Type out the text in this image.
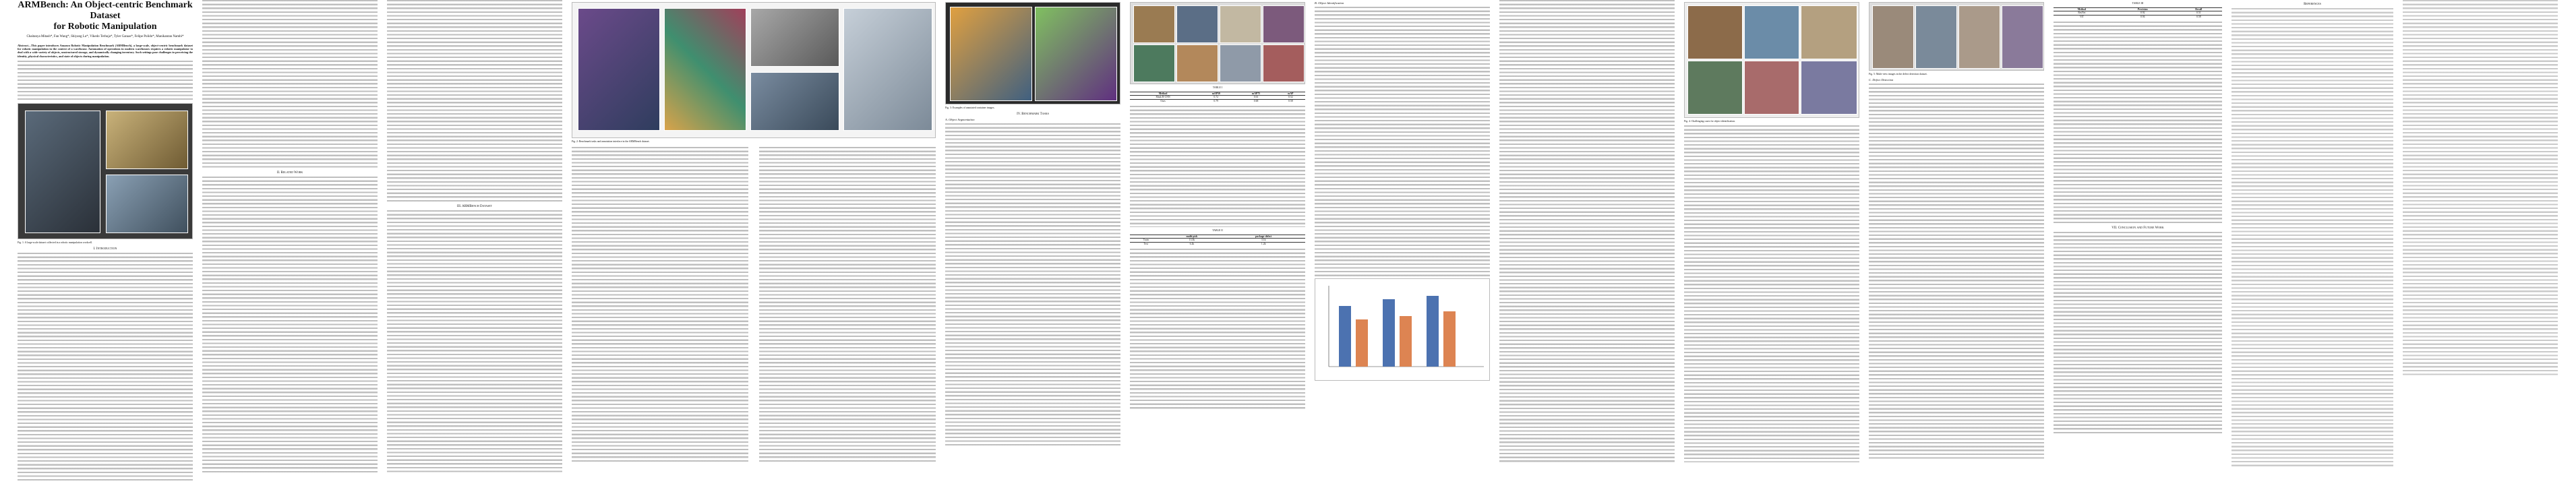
ARMBench: An Object-centric Benchmark Dataset
for Robotic Manipulation
Chaitanya Mitash*, Fan Wang*, Shiyang Lu*, Vikedo Terhuja*, Tyler Garaas*, Felipe Polido*, Manikantan Nambi*
Abstract—This paper introduces Amazon Robotic Manipulation Benchmark (ARMBench), a large-scale, object-centric benchmark dataset for robotic manipulation in the context of a warehouse. Automation of operations in modern warehouses requires a robotic manipulator to deal with a wide variety of objects, unstructured storage, and dynamically changing inventory. Such settings pose challenges in perceiving the identity, physical characteristics, and state of objects during manipulation.
Fig. 1: A large-scale dataset collected in a robotic manipulation workcell.
I. Introduction
II. Related Work
III. ARMBench Dataset
Fig. 2: Benchmark tasks and annotation interface in the ARMBench dataset.
Fig. 3: Examples of annotated container images.
IV. Benchmark Tasks
A. Object Segmentation
TABLE I
Method	mAP50	mAP75	mAP
Mask R-CNN	0.72	0.61	0.52
Ours	0.79	0.68	0.58
TABLE II
	multi-pick	package-defect
Train	13.3k	3.1k
Test	6.2k	1.2k
B. Object Identification
Fig. 4: Challenging cases for object identification.
Fig. 5: Multi-view images in the defect detection dataset.
C. Defect Detection
TABLE III
Method	Precision	Recall
ResNet	0.92	0.51
ViT	0.94	0.58
VII. Conclusion and Future Work
References
